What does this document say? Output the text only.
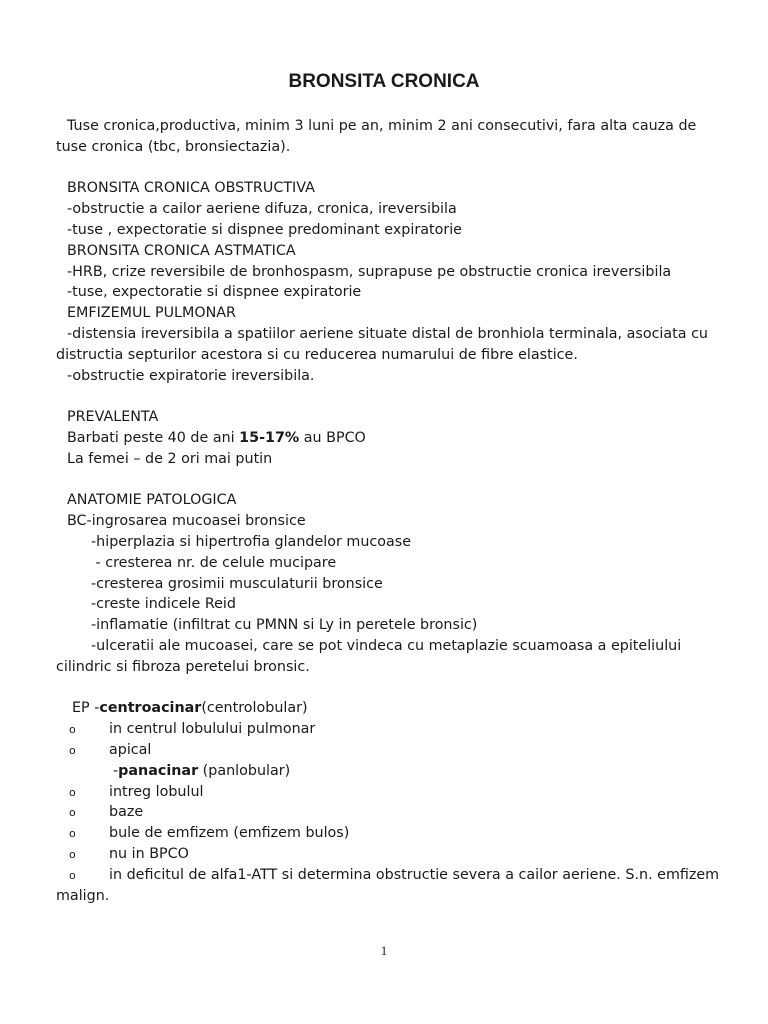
BRONSITA CRONICA
Tuse cronica,productiva, minim 3 luni pe an, minim 2 ani consecutivi, fara alta cauza de tuse cronica (tbc, bronsiectazia).
BRONSITA CRONICA OBSTRUCTIVA
-obstructie a cailor aeriene difuza, cronica, ireversibila
-tuse , expectoratie si dispnee predominant expiratorie
BRONSITA CRONICA ASTMATICA
-HRB, crize reversibile de bronhospasm, suprapuse pe obstructie cronica ireversibila
-tuse, expectoratie si dispnee expiratorie
EMFIZEMUL PULMONAR
-distensia ireversibila a spatiilor aeriene situate distal de bronhiola terminala, asociata cu distructia septurilor acestora si cu reducerea numarului de fibre elastice.
-obstructie expiratorie ireversibila.
PREVALENTA
Barbati peste 40 de ani 15-17% au BPCO
La femei – de 2 ori mai putin
ANATOMIE PATOLOGICA
BC-ingrosarea mucoasei bronsice
-hiperplazia si hipertrofia glandelor mucoase
- cresterea nr. de celule mucipare
-cresterea grosimii musculaturii bronsice
-creste indicele Reid
-inflamatie (infiltrat cu PMNN si Ly in peretele bronsic)
-ulceratii ale mucoasei, care se pot vindeca cu metaplazie scuamoasa a epiteliului cilindric si fibroza peretelui bronsic.
EP -centroacinar(centrolobular)
o in centrul lobulului pulmonar
o apical
-panacinar (panlobular)
o intreg lobulul
o baze
o bule de emfizem (emfizem bulos)
o nu in BPCO
o in deficitul de alfa1-ATT si determina obstructie severa a cailor aeriene. S.n. emfizem malign.
1
